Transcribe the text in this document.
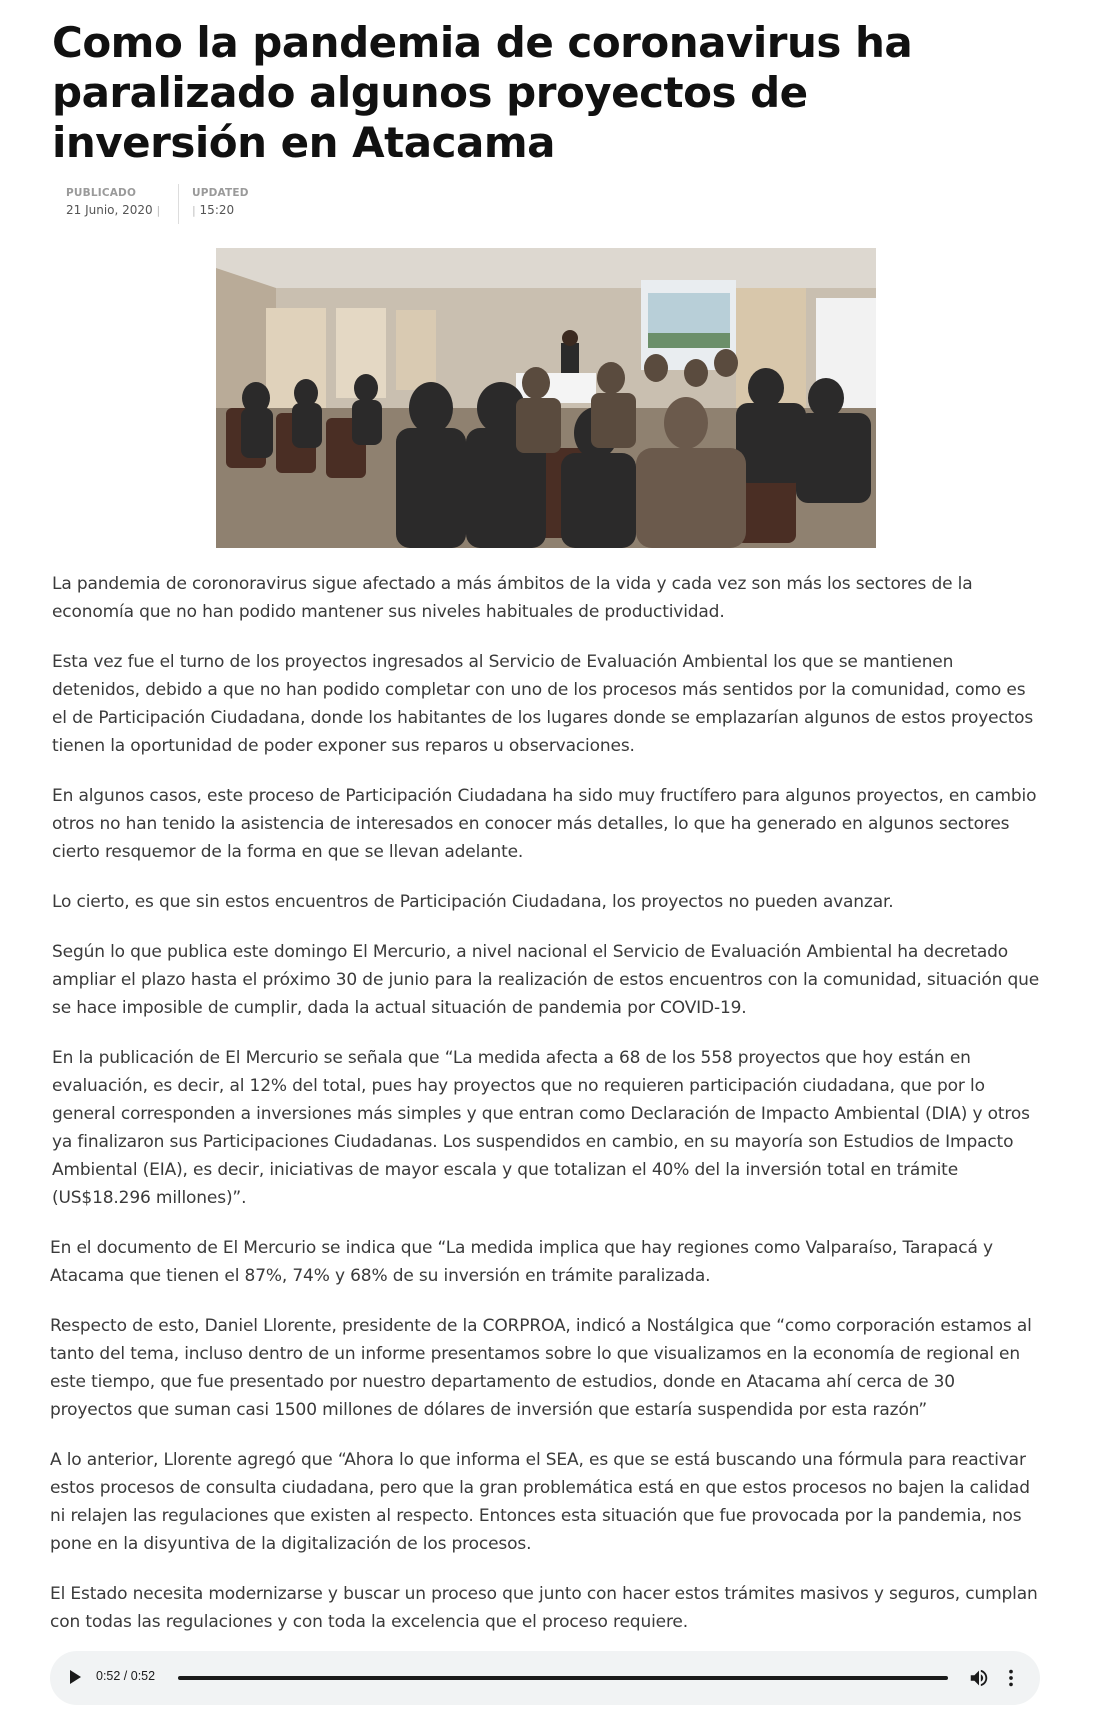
Como la pandemia de coronavirus ha paralizado algunos proyectos de inversión en Atacama
PUBLICADO
21 Junio, 2020 |
UPDATED
| 15:20

La pandemia de coronoravirus sigue afectado a más ámbitos de la vida y cada vez son más los sectores de la economía que no han podido mantener sus niveles habituales de productividad.

Esta vez fue el turno de los proyectos ingresados al Servicio de Evaluación Ambiental los que se mantienen detenidos, debido a que no han podido completar con uno de los procesos más sentidos por la comunidad, como es el de Participación Ciudadana, donde los habitantes de los lugares donde se emplazarían algunos de estos proyectos tienen la oportunidad de poder exponer sus reparos u observaciones.

En algunos casos, este proceso de Participación Ciudadana ha sido muy fructífero para algunos proyectos, en cambio otros no han tenido la asistencia de interesados en conocer más detalles, lo que ha generado en algunos sectores cierto resquemor de la forma en que se llevan adelante.

Lo cierto, es que sin estos encuentros de Participación Ciudadana, los proyectos no pueden avanzar.

Según lo que publica este domingo El Mercurio, a nivel nacional el Servicio de Evaluación Ambiental ha decretado ampliar el plazo hasta el próximo 30 de junio para la realización de estos encuentros con la comunidad, situación que se hace imposible de cumplir, dada la actual situación de pandemia por COVID-19.

En la publicación de El Mercurio se señala que “La medida afecta a 68 de los 558 proyectos que hoy están en evaluación, es decir, al 12% del total, pues hay proyectos que no requieren participación ciudadana, que por lo general corresponden a inversiones más simples y que entran como Declaración de Impacto Ambiental (DIA) y otros ya finalizaron sus Participaciones Ciudadanas. Los suspendidos en cambio, en su mayoría son Estudios de Impacto Ambiental (EIA), es decir, iniciativas de mayor escala y que totalizan el 40% del la inversión total en trámite (US$18.296 millones)”.

En el documento de El Mercurio se indica que “La medida implica que hay regiones como Valparaíso, Tarapacá y Atacama que tienen el 87%, 74% y 68% de su inversión en trámite paralizada.

Respecto de esto, Daniel Llorente, presidente de la CORPROA, indicó a Nostálgica que “como corporación estamos al tanto del tema, incluso dentro de un informe presentamos sobre lo que visualizamos en la economía de regional en este tiempo, que fue presentado por nuestro departamento de estudios, donde en Atacama ahí cerca de 30 proyectos que suman casi 1500 millones de dólares de inversión que estaría suspendida por esta razón”

A lo anterior, Llorente agregó que “Ahora lo que informa el SEA, es que se está buscando una fórmula para reactivar estos procesos de consulta ciudadana, pero que la gran problemática está en que estos procesos no bajen la calidad ni relajen las regulaciones que existen al respecto. Entonces esta situación que fue provocada por la pandemia, nos pone en la disyuntiva de la digitalización de los procesos.

El Estado necesita modernizarse y buscar un proceso que junto con hacer estos trámites masivos y seguros, cumplan con todas las regulaciones y con toda la excelencia que el proceso requiere.

0:52 / 0:52
